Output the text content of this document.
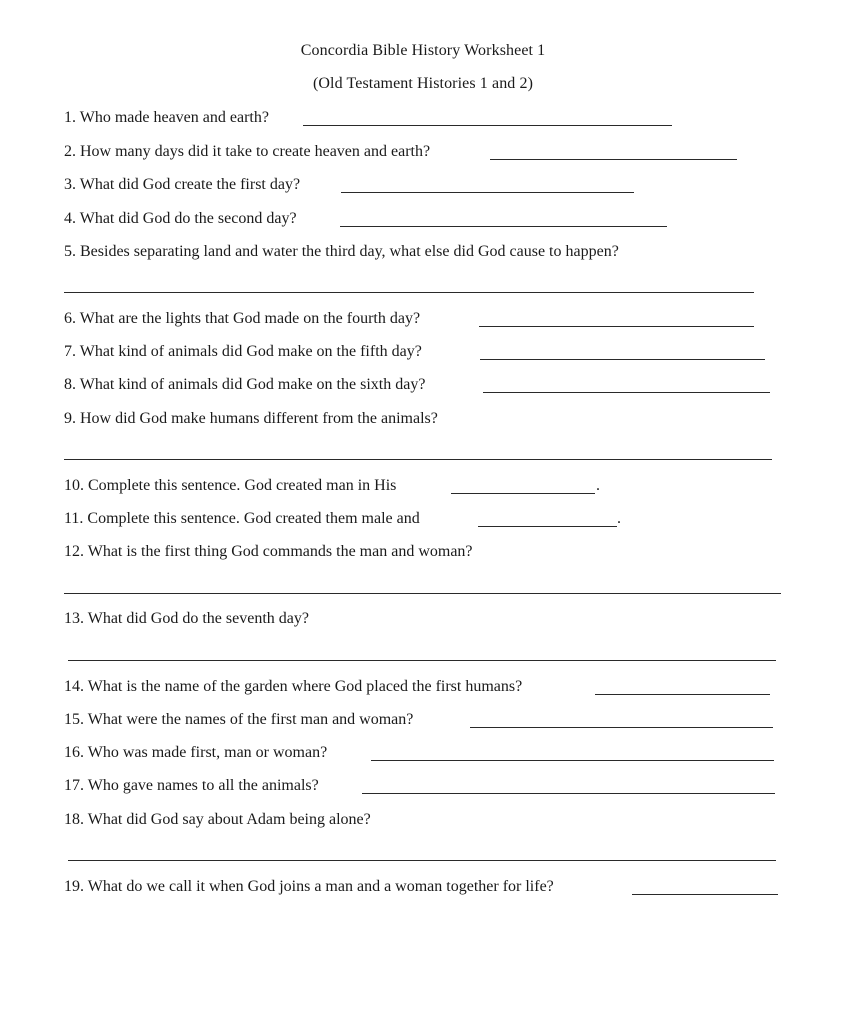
Concordia Bible History Worksheet 1
(Old Testament Histories 1 and 2)
1. Who made heaven and earth?
2. How many days did it take to create heaven and earth?
3. What did God create the first day?
4. What did God do the second day?
5. Besides separating land and water the third day, what else did God cause to happen?
6. What are the lights that God made on the fourth day?
7. What kind of animals did God make on the fifth day?
8. What kind of animals did God make on the sixth day?
9. How did God make humans different from the animals?
10. Complete this sentence. God created man in His	.
11. Complete this sentence. God created them male and	.
12. What is the first thing God commands the man and woman?
13. What did God do the seventh day?
14. What is the name of the garden where God placed the first humans?
15. What were the names of the first man and woman?
16. Who was made first, man or woman?
17. Who gave names to all the animals?
18. What did God say about Adam being alone?
19. What do we call it when God joins a man and a woman together for life?
